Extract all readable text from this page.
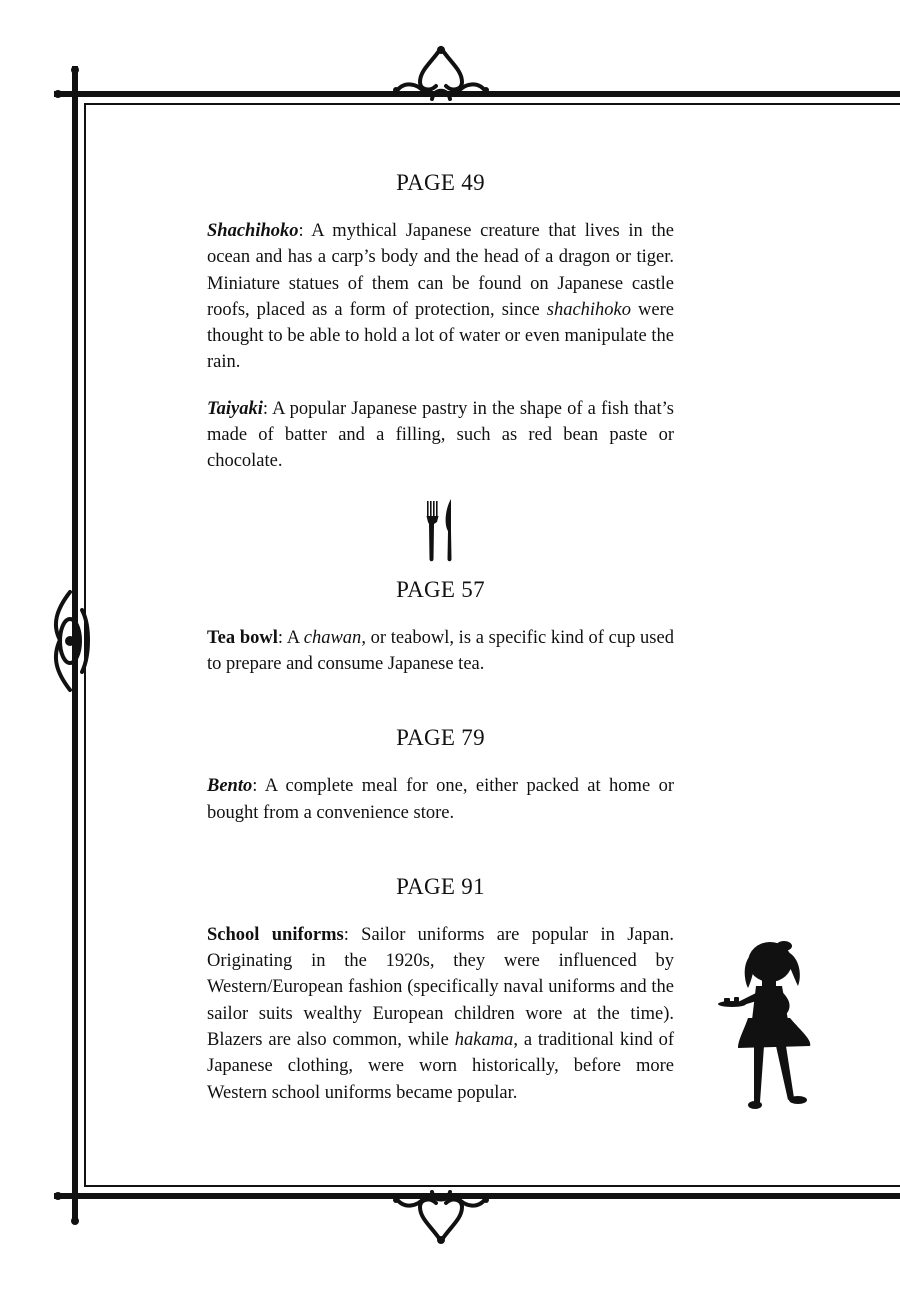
PAGE 49

Shachihoko: A mythical Japanese creature that lives in the ocean and has a carp’s body and the head of a dragon or tiger. Miniature statues of them can be found on Japanese castle roofs, placed as a form of protection, since shachihoko were thought to be able to hold a lot of water or even manipulate the rain.

Taiyaki: A popular Japanese pastry in the shape of a fish that’s made of batter and a filling, such as red bean paste or chocolate.

PAGE 57

Tea bowl: A chawan, or teabowl, is a specific kind of cup used to prepare and consume Japanese tea.

PAGE 79

Bento: A complete meal for one, either packed at home or bought from a convenience store.

PAGE 91

School uniforms: Sailor uniforms are popular in Japan. Originating in the 1920s, they were influenced by Western/European fashion (specifically naval uniforms and the sailor suits wealthy European children wore at the time). Blazers are also common, while hakama, a traditional kind of Japanese clothing, were worn historically, before more Western school uniforms became popular.
